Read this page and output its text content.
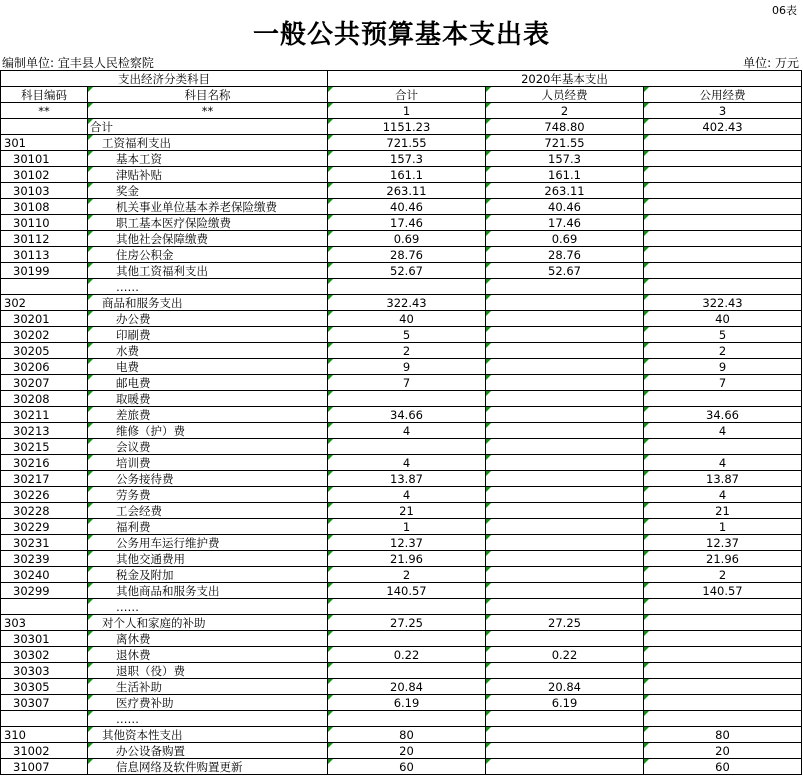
06表
一般公共预算基本支出表
编制单位: 宜丰县人民检察院	单位: 万元
支出经济分类科目		2020年基本支出		
科目编码	科目名称	合计	人员经费	公用经费
**	**	1	2	3
	合计	1151.23	748.80	402.43
301	工资福利支出	721.55	721.55	
30101	基本工资	157.3	157.3	
30102	津贴补贴	161.1	161.1	
30103	奖金	263.11	263.11	
30108	机关事业单位基本养老保险缴费	40.46	40.46	
30110	职工基本医疗保险缴费	17.46	17.46	
30112	其他社会保障缴费	0.69	0.69	
30113	住房公积金	28.76	28.76	
30199	其他工资福利支出	52.67	52.67	
	……			
302	商品和服务支出	322.43		322.43
30201	办公费	40		40
30202	印刷费	5		5
30205	水费	2		2
30206	电费	9		9
30207	邮电费	7		7
30208	取暖费			
30211	差旅费	34.66		34.66
30213	维修（护）费	4		4
30215	会议费			
30216	培训费	4		4
30217	公务接待费	13.87		13.87
30226	劳务费	4		4
30228	工会经费	21		21
30229	福利费	1		1
30231	公务用车运行维护费	12.37		12.37
30239	其他交通费用	21.96		21.96
30240	税金及附加	2		2
30299	其他商品和服务支出	140.57		140.57
	……			
303	对个人和家庭的补助	27.25	27.25	
30301	离休费			
30302	退休费	0.22	0.22	
30303	退职（役）费			
30305	生活补助	20.84	20.84	
30307	医疗费补助	6.19	6.19	
	……			
310	其他资本性支出	80		80
31002	办公设备购置	20		20
31007	信息网络及软件购置更新	60		60
